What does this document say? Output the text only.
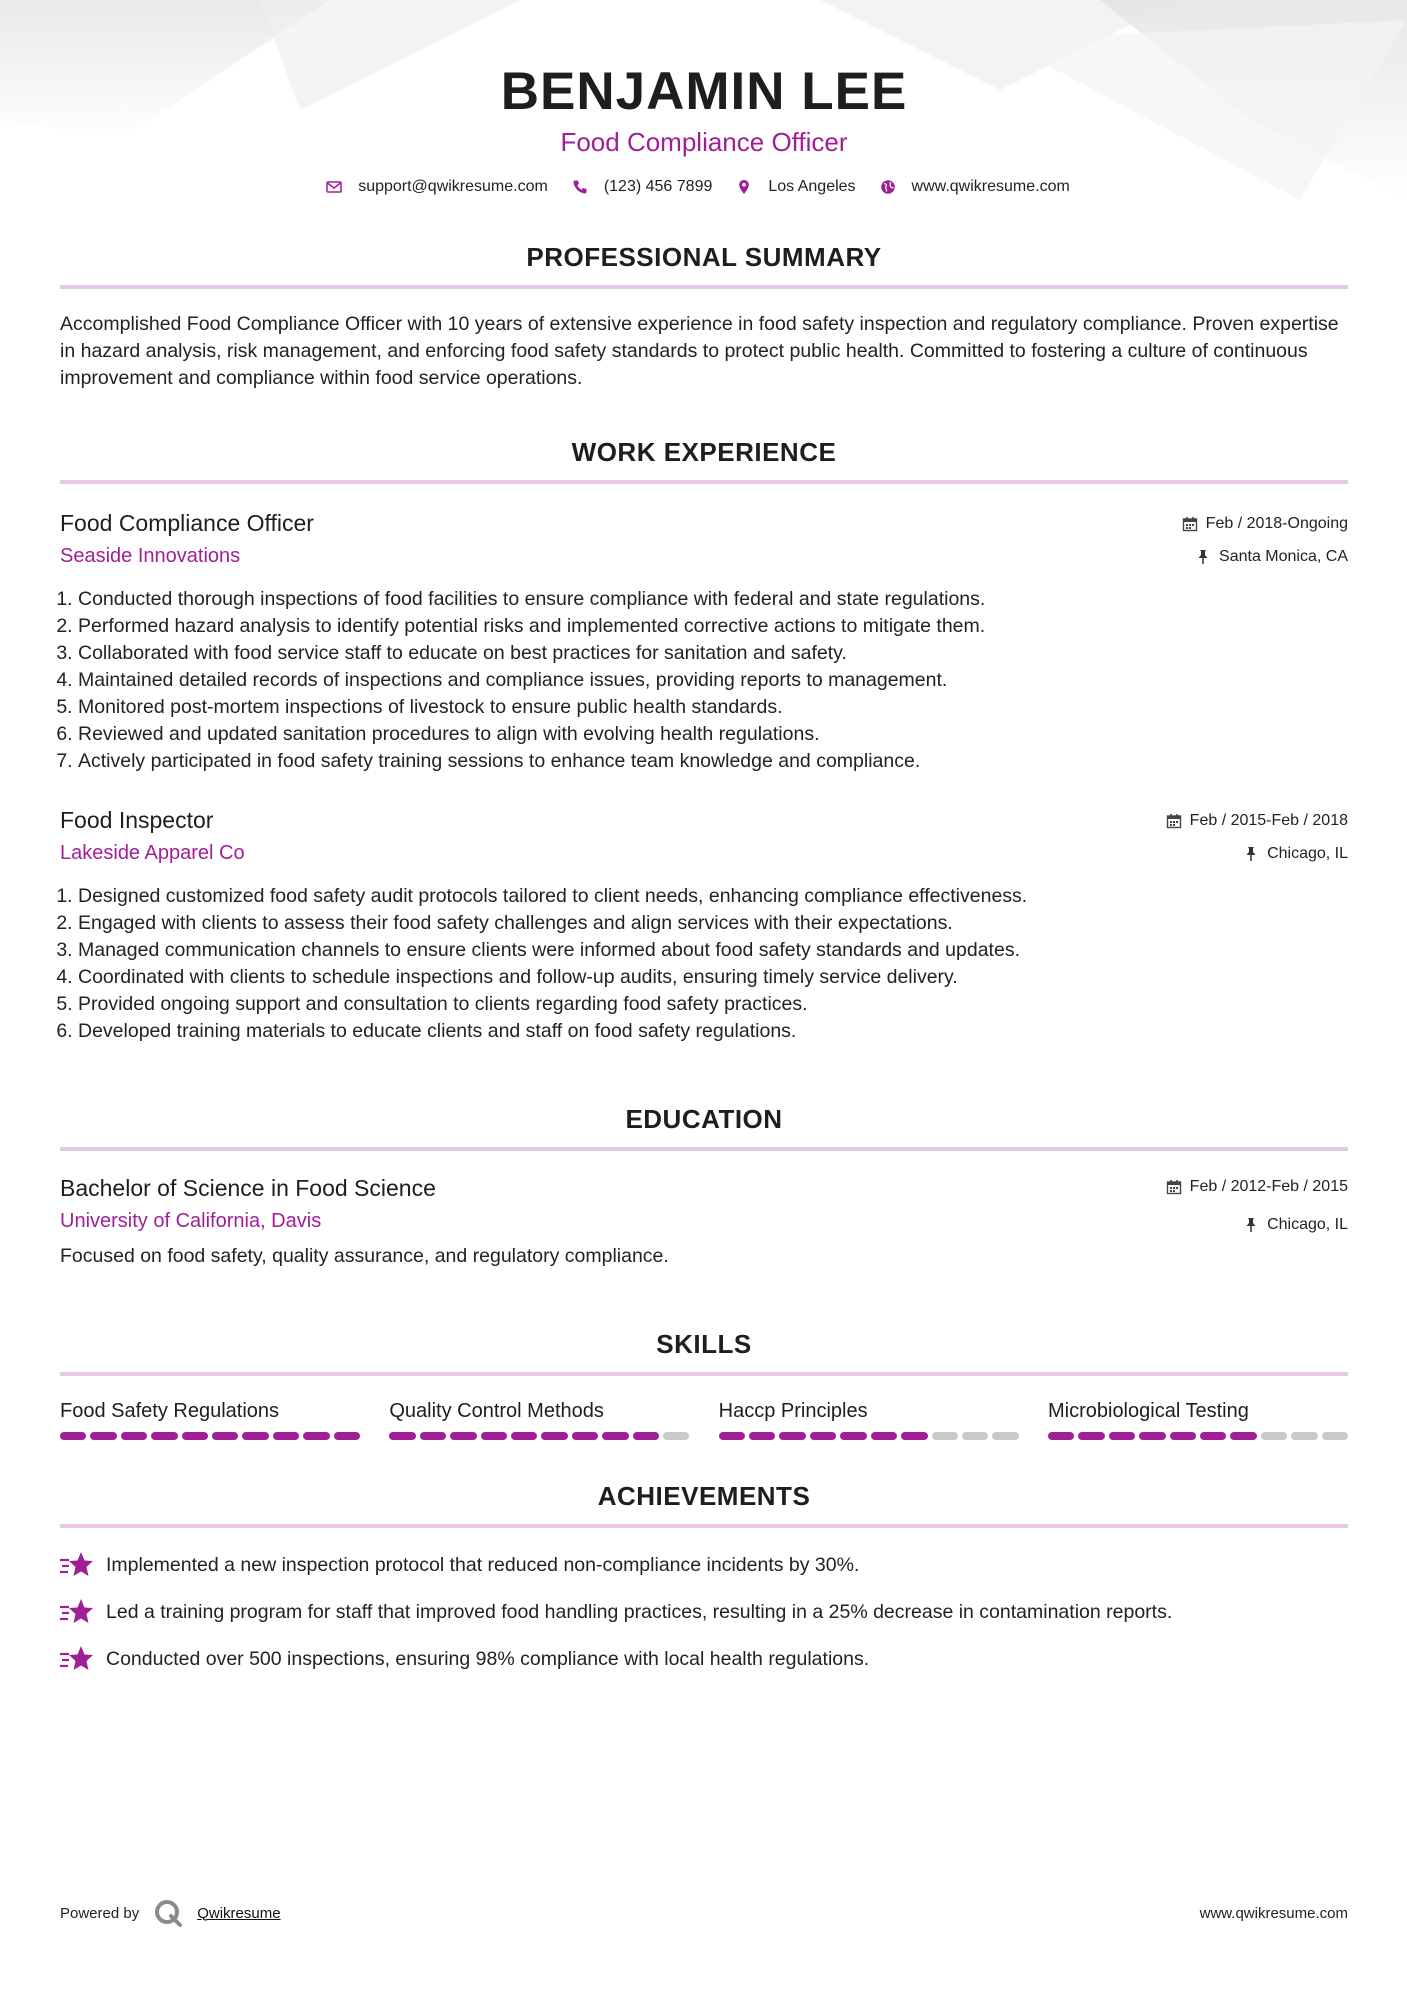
BENJAMIN LEE
Food Compliance Officer
support@qwikresume.com	(123) 456 7899	Los Angeles	www.qwikresume.com
PROFESSIONAL SUMMARY

Accomplished Food Compliance Officer with 10 years of extensive experience in food safety inspection and regulatory compliance. Proven expertise in hazard analysis, risk management, and enforcing food safety standards to protect public health. Committed to fostering a culture of continuous improvement and compliance within food service operations.

WORK EXPERIENCE
Food Compliance Officer
Seaside Innovations
Feb / 2018-Ongoing
Santa Monica, CA
1. Conducted thorough inspections of food facilities to ensure compliance with federal and state regulations.
2. Performed hazard analysis to identify potential risks and implemented corrective actions to mitigate them.
3. Collaborated with food service staff to educate on best practices for sanitation and safety.
4. Maintained detailed records of inspections and compliance issues, providing reports to management.
5. Monitored post-mortem inspections of livestock to ensure public health standards.
6. Reviewed and updated sanitation procedures to align with evolving health regulations.
7. Actively participated in food safety training sessions to enhance team knowledge and compliance.
Food Inspector
Lakeside Apparel Co
Feb / 2015-Feb / 2018
Chicago, IL
1. Designed customized food safety audit protocols tailored to client needs, enhancing compliance effectiveness.
2. Engaged with clients to assess their food safety challenges and align services with their expectations.
3. Managed communication channels to ensure clients were informed about food safety standards and updates.
4. Coordinated with clients to schedule inspections and follow-up audits, ensuring timely service delivery.
5. Provided ongoing support and consultation to clients regarding food safety practices.
6. Developed training materials to educate clients and staff on food safety regulations.
EDUCATION
Bachelor of Science in Food Science
University of California, Davis
Feb / 2012-Feb / 2015
Chicago, IL
Focused on food safety, quality assurance, and regulatory compliance.
SKILLS
Food Safety Regulations	Quality Control Methods	Haccp Principles	Microbiological Testing
ACHIEVEMENTS
Implemented a new inspection protocol that reduced non-compliance incidents by 30%.
Led a training program for staff that improved food handling practices, resulting in a 25% decrease in contamination reports.
Conducted over 500 inspections, ensuring 98% compliance with local health regulations.
Powered by	Qwikresume	www.qwikresume.com
